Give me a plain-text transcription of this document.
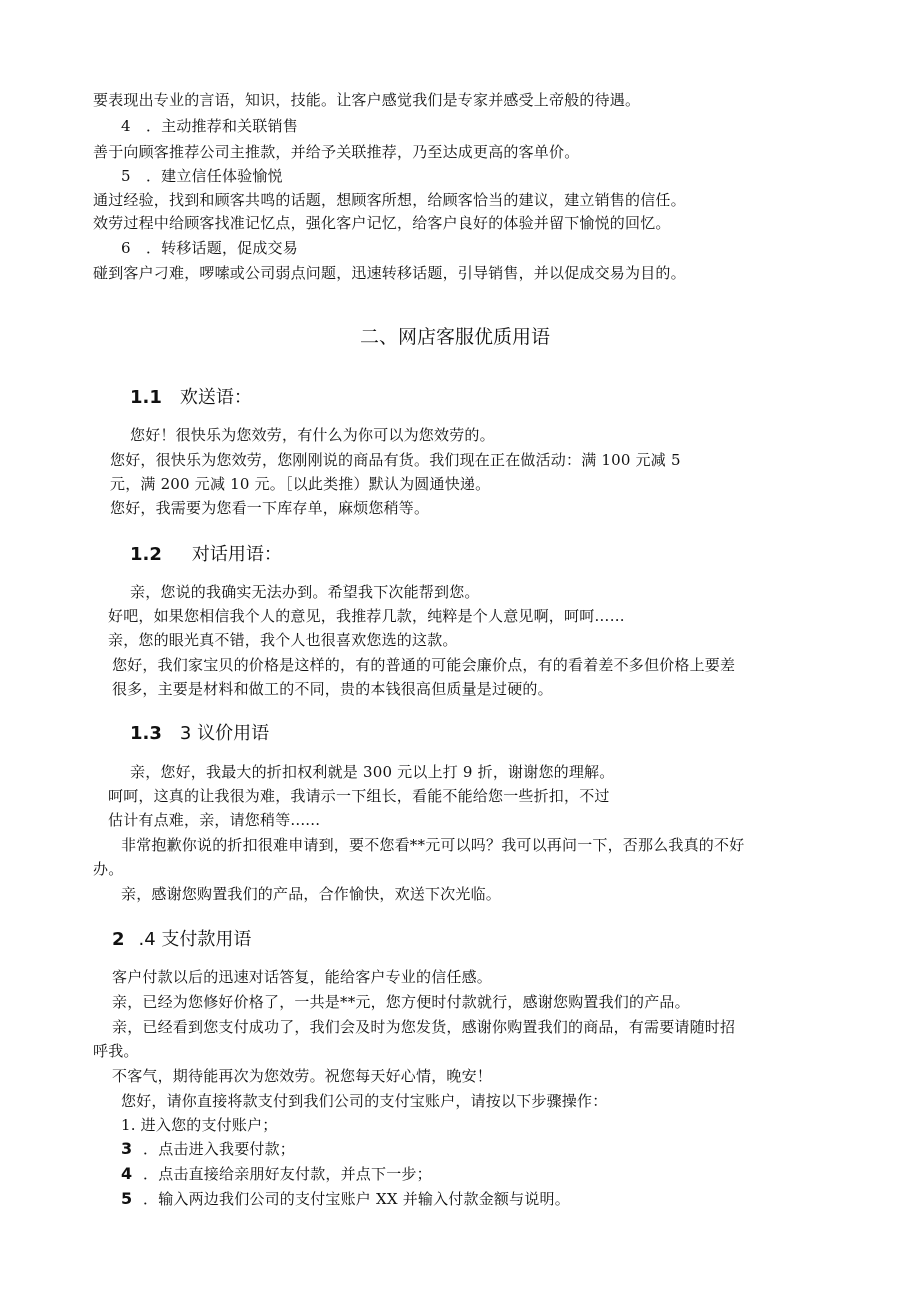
要表现出专业的言语，知识，技能。让客户感觉我们是专家并感受上帝般的待遇。
4　．主动推荐和关联销售
善于向顾客推荐公司主推款，并给予关联推荐，乃至达成更高的客单价。
5　．建立信任体验愉悦
通过经验，找到和顾客共鸣的话题，想顾客所想，给顾客恰当的建议，建立销售的信任。
效劳过程中给顾客找准记忆点，强化客户记忆，给客户良好的体验并留下愉悦的回忆。
6　．转移话题，促成交易
碰到客户刁难，啰嗦或公司弱点问题，迅速转移话题，引导销售，并以促成交易为目的。
二、网店客服优质用语
1.1 欢送语：
您好！很快乐为您效劳，有什么为你可以为您效劳的。
您好，很快乐为您效劳，您刚刚说的商品有货。我们现在正在做活动：满 100 元减 5
元，满 200 元减 10 元。［以此类推）默认为圆通快递。
您好，我需要为您看一下库存单，麻烦您稍等。
1.2 对话用语：
亲，您说的我确实无法办到。希望我下次能帮到您。
好吧，如果您相信我个人的意见，我推荐几款，纯粹是个人意见啊，呵呵……
亲，您的眼光真不错，我个人也很喜欢您选的这款。
您好，我们家宝贝的价格是这样的，有的普通的可能会廉价点，有的看着差不多但价格上要差
很多，主要是材料和做工的不同，贵的本钱很高但质量是过硬的。
1.3 3 议价用语
亲，您好，我最大的折扣权利就是 300 元以上打 9 折，谢谢您的理解。
呵呵，这真的让我很为难，我请示一下组长，看能不能给您一些折扣，不过
估计有点难，亲，请您稍等......
非常抱歉你说的折扣很难申请到，要不您看**元可以吗？我可以再问一下，否那么我真的不好
办。
亲，感谢您购置我们的产品，合作愉快，欢送下次光临。
2 .4 支付款用语
客户付款以后的迅速对话答复，能给客户专业的信任感。
亲，已经为您修好价格了，一共是**元，您方便时付款就行，感谢您购置我们的产品。
亲，已经看到您支付成功了，我们会及时为您发货，感谢你购置我们的商品，有需要请随时招
呼我。
不客气，期待能再次为您效劳。祝您每天好心情，晚安！
您好，请你直接将款支付到我们公司的支付宝账户，请按以下步骤操作：
1. 进入您的支付账户；
3 ．点击进入我要付款；
4 ．点击直接给亲朋好友付款，并点下一步；
5 ．输入两边我们公司的支付宝账户 XX 并输入付款金额与说明。
